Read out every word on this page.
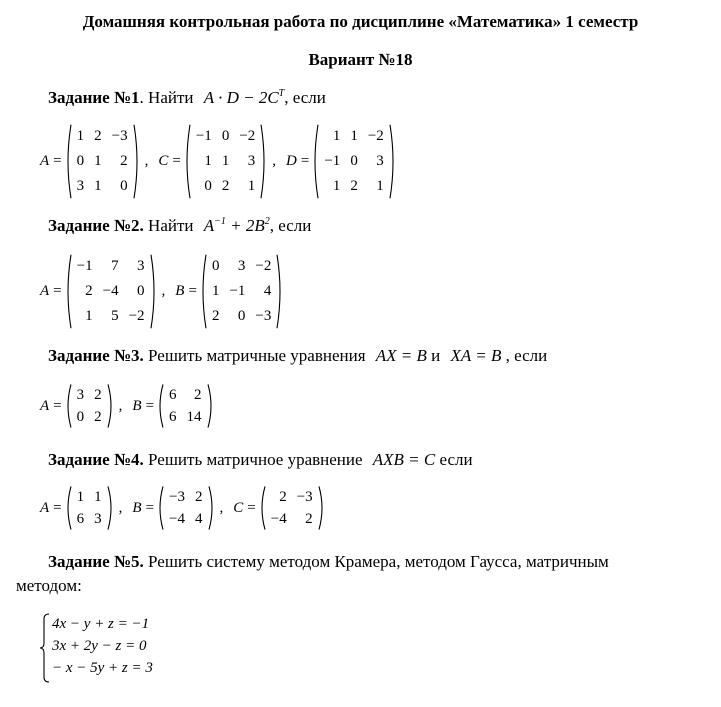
Домашняя контрольная работа по дисциплине «Математика» 1 семестр
Вариант №18
Задание №1. Найти $A \cdot D - 2C^T$, если
A =
1	2	−3
0	1	2
3	1	0
, C =
−1	0	−2
1	1	3
0	2	1
, D =
1	1	−2
−1	0	3
1	2	1
Задание №2. Найти $A^{-1} + 2B^2$, если
A =
−1	7	3
2	−4	0
1	5	−2
, B =
0	3	−2
1	−1	4
2	0	−3
Задание №3. Решить матричные уравнения AX = B и XA = B , если
A =
3	2
0	2
, B =
6	2
6	14
Задание №4. Решить матричное уравнение AXB = C если
A =
1	1
6	3
, B =
−3	2
−4	4
, C =
2	−3
−4	2
Задание №5. Решить систему методом Крамера, методом Гаусса, матричным
методом:
4x − y + z = −1
3x + 2y − z = 0
− x − 5y + z = 3
